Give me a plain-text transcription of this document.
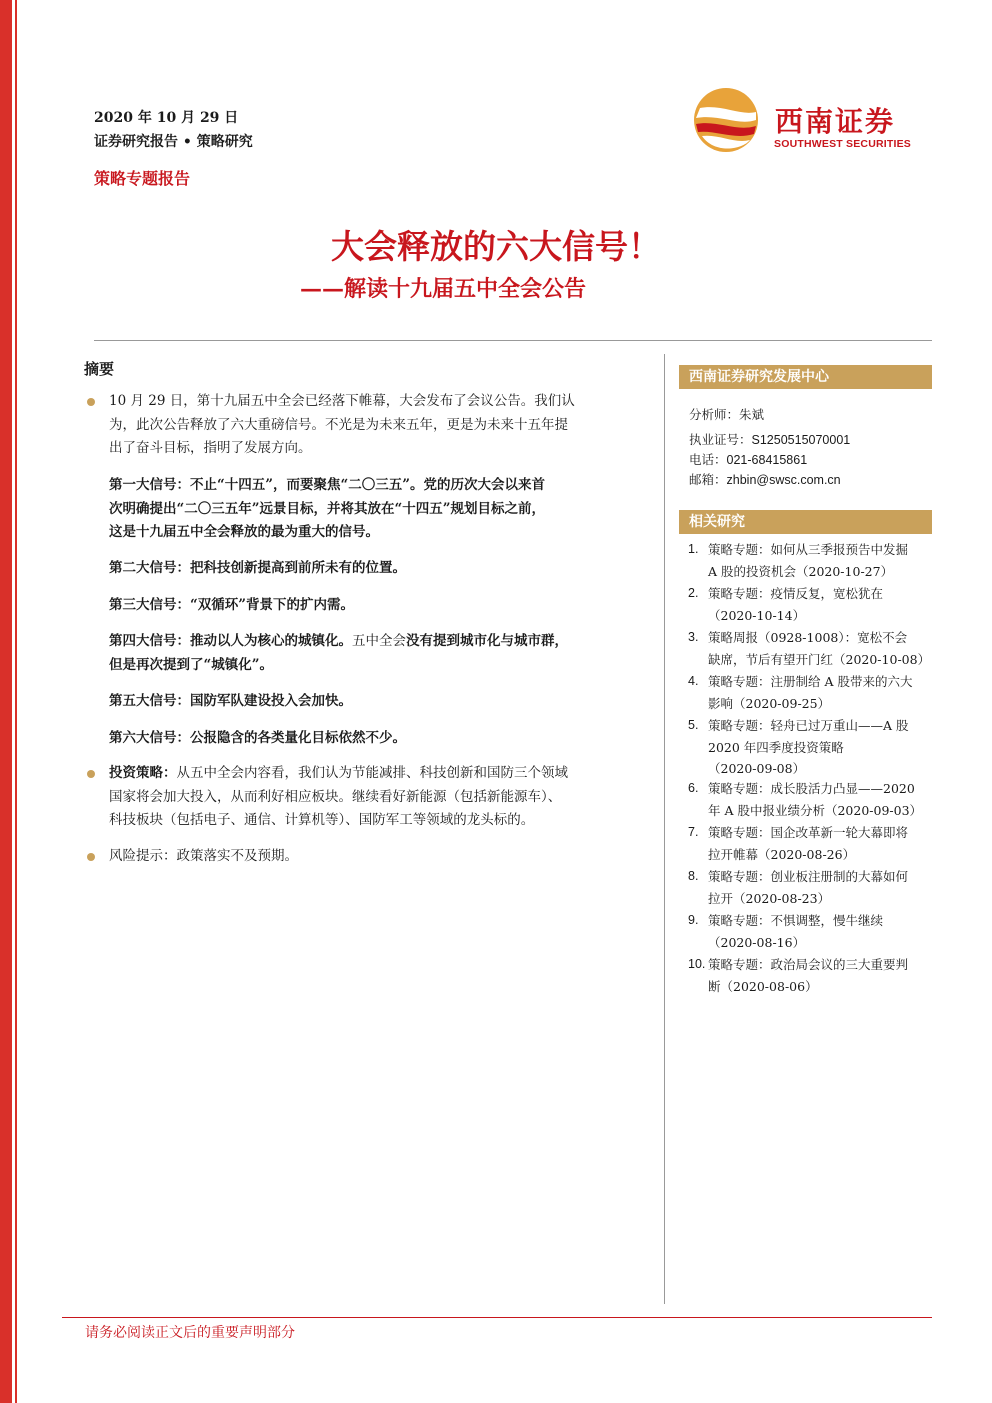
2020 年 10 月 29 日
证券研究报告 • 策略研究
策略专题报告
西南证券
SOUTHWEST SECURITIES
大会释放的六大信号！
——解读十九届五中全会公告
摘要
10 月 29 日，第十九届五中全会已经落下帷幕，大会发布了会议公告。我们认
为，此次公告释放了六大重磅信号。不光是为未来五年，更是为未来十五年提
出了奋斗目标，指明了发展方向。
第一大信号：不止“十四五”，而要聚焦“二〇三五”。党的历次大会以来首
次明确提出“二〇三五年”远景目标，并将其放在“十四五”规划目标之前，
这是十九届五中全会释放的最为重大的信号。
第二大信号：把科技创新提高到前所未有的位置。
第三大信号：“双循环”背景下的扩内需。
第四大信号：推动以人为核心的城镇化。五中全会没有提到城市化与城市群，
但是再次提到了“城镇化”。
第五大信号：国防军队建设投入会加快。
第六大信号：公报隐含的各类量化目标依然不少。
投资策略：从五中全会内容看，我们认为节能减排、科技创新和国防三个领域
国家将会加大投入，从而利好相应板块。继续看好新能源（包括新能源车）、
科技板块（包括电子、通信、计算机等）、国防军工等领域的龙头标的。
风险提示：政策落实不及预期。
西南证券研究发展中心
分析师：朱斌
执业证号：S1250515070001
电话：021-68415861
邮箱：zhbin@swsc.com.cn
相关研究
1. 策略专题：如何从三季报预告中发掘
A 股的投资机会（2020-10-27）
2. 策略专题：疫情反复，宽松犹在
（2020-10-14）
3. 策略周报（0928-1008）：宽松不会
缺席，节后有望开门红（2020-10-08）
4. 策略专题：注册制给 A 股带来的六大
影响（2020-09-25）
5. 策略专题：轻舟已过万重山——A 股
2020 年四季度投资策略
（2020-09-08）
6. 策略专题：成长股活力凸显——2020
年 A 股中报业绩分析（2020-09-03）
7. 策略专题：国企改革新一轮大幕即将
拉开帷幕（2020-08-26）
8. 策略专题：创业板注册制的大幕如何
拉开（2020-08-23）
9. 策略专题：不惧调整，慢牛继续
（2020-08-16）
10. 策略专题：政治局会议的三大重要判
断（2020-08-06）
请务必阅读正文后的重要声明部分
